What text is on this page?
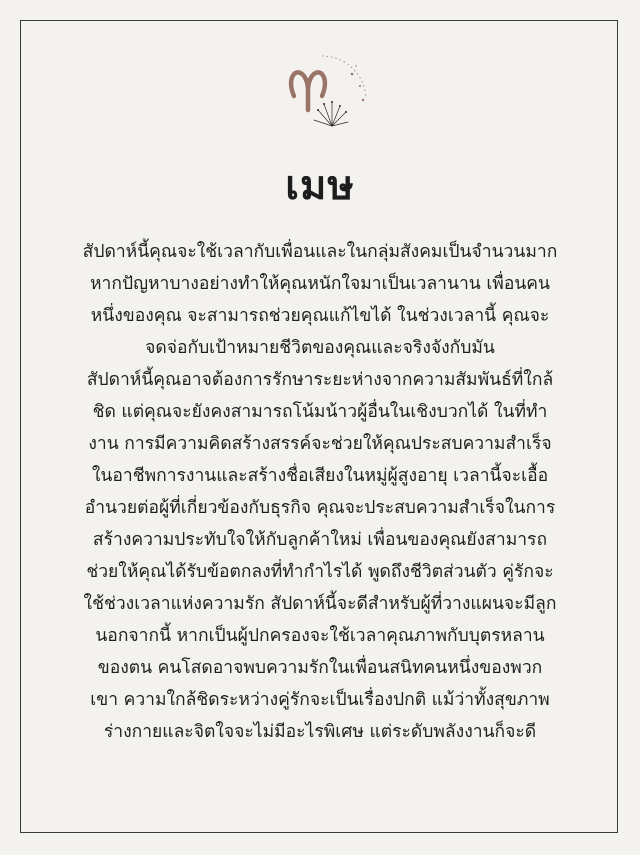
เมษ

สัปดาห์นี้คุณจะใช้เวลากับเพื่อนและในกลุ่มสังคมเป็นจำนวนมาก
หากปัญหาบางอย่างทำให้คุณหนักใจมาเป็นเวลานาน เพื่อนคน
หนึ่งของคุณ จะสามารถช่วยคุณแก้ไขได้ ในช่วงเวลานี้ คุณจะ
จดจ่อกับเป้าหมายชีวิตของคุณและจริงจังกับมัน
สัปดาห์นี้คุณอาจต้องการรักษาระยะห่างจากความสัมพันธ์ที่ใกล้
ชิด แต่คุณจะยังคงสามารถโน้มน้าวผู้อื่นในเชิงบวกได้ ในที่ทำ
งาน การมีความคิดสร้างสรรค์จะช่วยให้คุณประสบความสำเร็จ
ในอาชีพการงานและสร้างชื่อเสียงในหมู่ผู้สูงอายุ เวลานี้จะเอื้อ
อำนวยต่อผู้ที่เกี่ยวข้องกับธุรกิจ คุณจะประสบความสำเร็จในการ
สร้างความประทับใจให้กับลูกค้าใหม่ เพื่อนของคุณยังสามารถ
ช่วยให้คุณได้รับข้อตกลงที่ทำกำไรได้ พูดถึงชีวิตส่วนตัว คู่รักจะ
ใช้ช่วงเวลาแห่งความรัก สัปดาห์นี้จะดีสำหรับผู้ที่วางแผนจะมีลูก
นอกจากนี้ หากเป็นผู้ปกครองจะใช้เวลาคุณภาพกับบุตรหลาน
ของตน คนโสดอาจพบความรักในเพื่อนสนิทคนหนึ่งของพวก
เขา ความใกล้ชิดระหว่างคู่รักจะเป็นเรื่องปกติ แม้ว่าทั้งสุขภาพ
ร่างกายและจิตใจจะไม่มีอะไรพิเศษ แต่ระดับพลังงานก็จะดี
